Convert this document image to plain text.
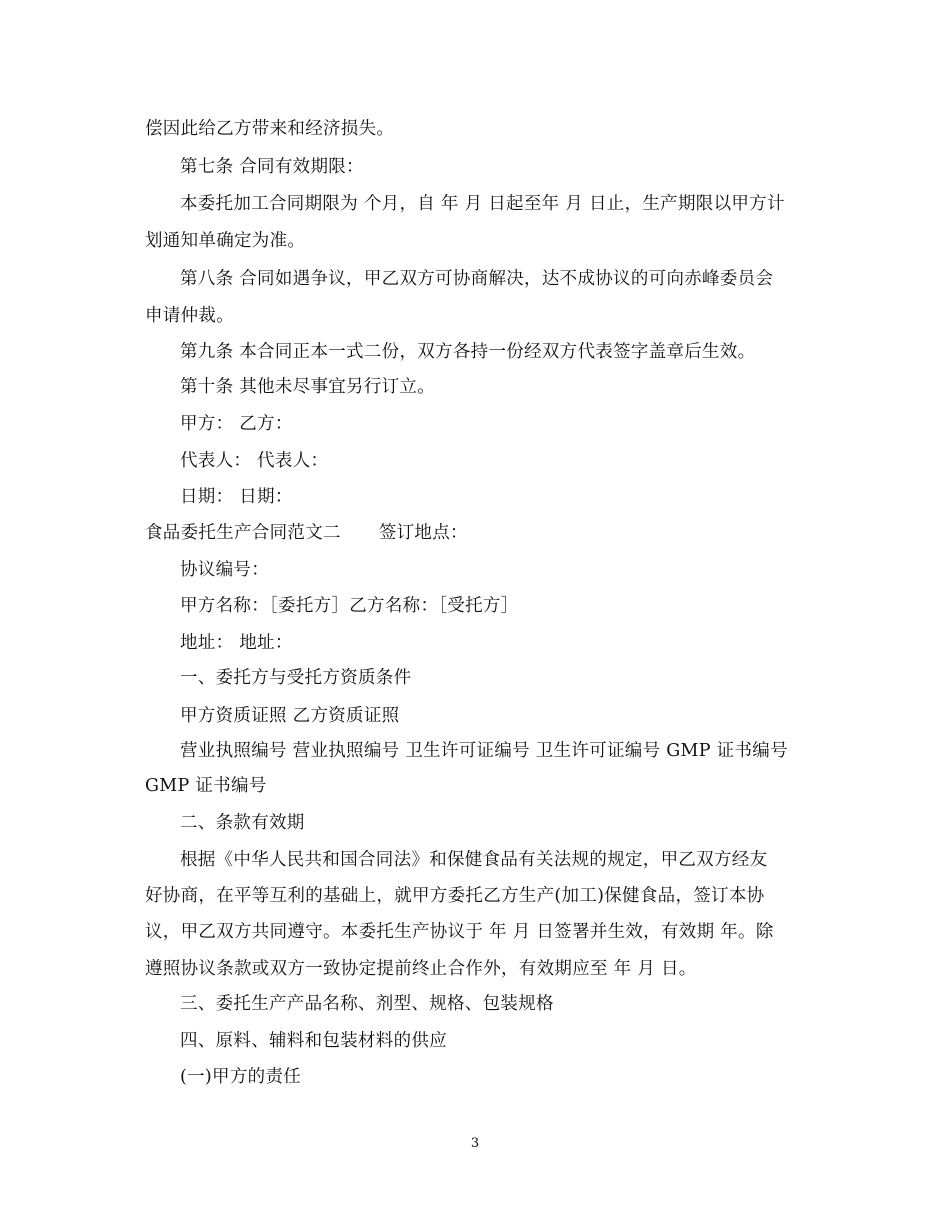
偿因此给乙方带来和经济损失。
第七条 合同有效期限：
本委托加工合同期限为 个月，自 年 月 日起至年 月 日止，生产期限以甲方计
划通知单确定为准。
第八条 合同如遇争议，甲乙双方可协商解决，达不成协议的可向赤峰委员会
申请仲裁。
第九条 本合同正本一式二份，双方各持一份经双方代表签字盖章后生效。
第十条 其他未尽事宜另行订立。
甲方： 乙方：
代表人： 代表人：
日期： 日期：
食品委托生产合同范文二 签订地点：
协议编号：
甲方名称：［委托方］乙方名称：［受托方］
地址： 地址：
一、委托方与受托方资质条件
甲方资质证照 乙方资质证照
营业执照编号 营业执照编号 卫生许可证编号 卫生许可证编号 GMP 证书编号
GMP 证书编号
二、条款有效期
根据《中华人民共和国合同法》和保健食品有关法规的规定，甲乙双方经友
好协商，在平等互利的基础上，就甲方委托乙方生产(加工)保健食品，签订本协
议，甲乙双方共同遵守。本委托生产协议于 年 月 日签署并生效，有效期 年。除
遵照协议条款或双方一致协定提前终止合作外，有效期应至 年 月 日。
三、委托生产产品名称、剂型、规格、包装规格
四、原料、辅料和包装材料的供应
(一)甲方的责任
3
